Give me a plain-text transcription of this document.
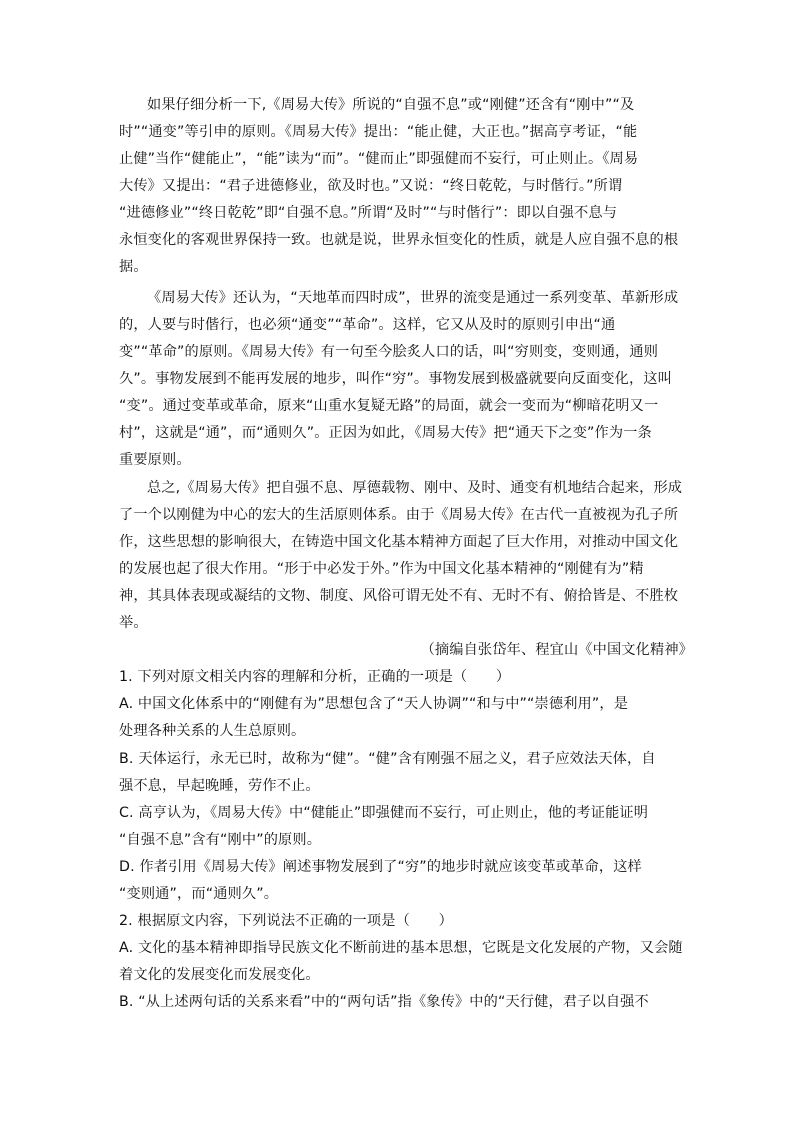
如果仔细分析一下,《周易大传》所说的“自强不息”或“刚健”还含有“刚中”“及
时”“通变”等引申的原则。《周易大传》提出：“能止健，大正也。”据高亨考证，“能
止健”当作“健能止”，“能”读为“而”。“健而止”即强健而不妄行，可止则止。《周易
大传》又提出：“君子进德修业，欲及时也。”又说：“终日乾乾，与时偕行。”所谓
“进德修业”“终日乾乾”即“自强不息。”所谓“及时”“与时偕行”：即以自强不息与
永恒变化的客观世界保持一致。也就是说，世界永恒变化的性质，就是人应自强不息的根
据。
《周易大传》还认为，“天地革而四时成”，世界的流变是通过一系列变革、革新形成
的，人要与时偕行，也必须“通变”“革命”。这样，它又从及时的原则引申出“通
变”“革命”的原则。《周易大传》有一句至今脍炙人口的话，叫“穷则变，变则通，通则
久”。事物发展到不能再发展的地步，叫作“穷”。事物发展到极盛就要向反面变化，这叫
“变”。通过变革或革命，原来“山重水复疑无路”的局面，就会一变而为“柳暗花明又一
村”，这就是“通”，而“通则久”。正因为如此，《周易大传》把“通天下之变”作为一条
重要原则。
总之,《周易大传》把自强不息、厚德载物、刚中、及时、通变有机地结合起来，形成
了一个以刚健为中心的宏大的生活原则体系。由于《周易大传》在古代一直被视为孔子所
作，这些思想的影响很大，在铸造中国文化基本精神方面起了巨大作用，对推动中国文化
的发展也起了很大作用。“形于中必发于外。”作为中国文化基本精神的“刚健有为”精
神，其具体表现或凝结的文物、制度、风俗可谓无处不有、无时不有、俯拾皆是、不胜枚
举。
（摘编自张岱年、程宜山《中国文化精神》
1. 下列对原文相关内容的理解和分析，正确的一项是（　　）
A. 中国文化体系中的“刚健有为”思想包含了“天人协调”“和与中”“崇德利用”，是
处理各种关系的人生总原则。
B. 天体运行，永无已时，故称为“健”。“健”含有刚强不屈之义，君子应效法天体，自
强不息，早起晚睡，劳作不止。
C. 高亨认为，《周易大传》中“健能止”即强健而不妄行，可止则止，他的考证能证明
“自强不息”含有“刚中”的原则。
D. 作者引用《周易大传》阐述事物发展到了“穷”的地步时就应该变革或革命，这样
“变则通”，而“通则久”。
2. 根据原文内容，下列说法不正确的一项是（　　）
A. 文化的基本精神即指导民族文化不断前进的基本思想，它既是文化发展的产物，又会随
着文化的发展变化而发展变化。
B. “从上述两句话的关系来看”中的“两句话”指《象传》中的“天行健，君子以自强不
